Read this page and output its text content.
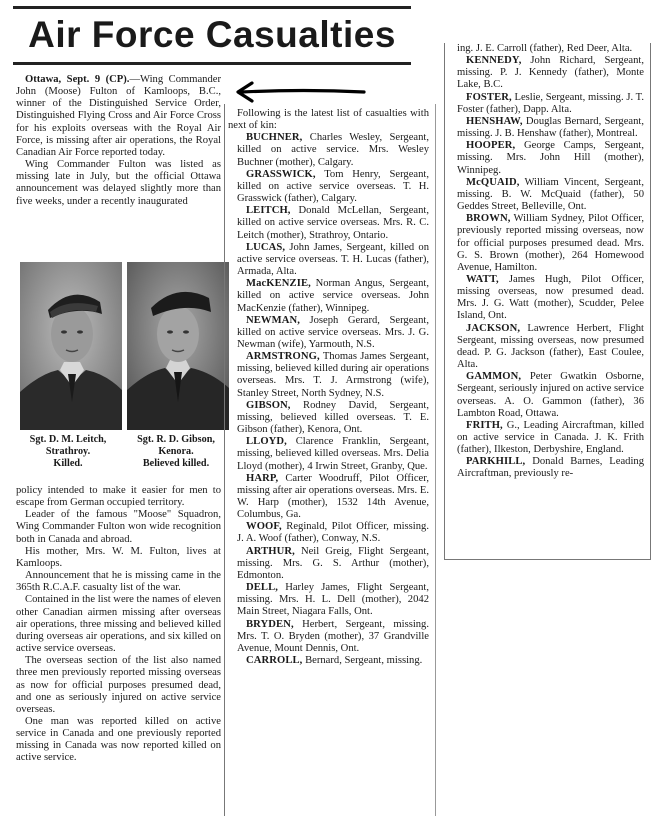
Air Force Casualties

Ottawa, Sept. 9 (CP).—Wing Commander John (Moose) Fulton of Kamloops, B.C., winner of the Distinguished Service Order, Distinguished Flying Cross and Air Force Cross for his exploits overseas with the Royal Air Force, is missing after air operations, the Royal Canadian Air Force reported today.

Wing Commander Fulton was listed as missing late in July, but the official Ottawa announcement was delayed slightly more than five weeks, under a recently inaugurated

Sgt. D. M. Leitch,
Strathroy.
Killed.
Sgt. R. D. Gibson,
Kenora.
Believed killed.

policy intended to make it easier for men to escape from German occupied territory.

Leader of the famous "Moose" Squadron, Wing Commander Fulton won wide recognition both in Canada and abroad.

His mother, Mrs. W. M. Fulton, lives at Kamloops.

Announcement that he is missing came in the 365th R.C.A.F. casualty list of the war.

Contained in the list were the names of eleven other Canadian airmen missing after overseas air operations, three missing and believed killed during overseas air operations, and six killed on active service overseas.

The overseas section of the list also named three men previously reported missing overseas as now for official purposes presumed dead, and one as seriously injured on active service overseas.

One man was reported killed on active service in Canada and one previously reported missing in Canada was now reported killed on active service.

Following is the latest list of casualties with next of kin:

BUCHNER, Charles Wesley, Sergeant, killed on active service. Mrs. Wesley Buchner (mother), Calgary.

GRASSWICK, Tom Henry, Sergeant, killed on active service overseas. T. H. Grasswick (father), Calgary.

LEITCH, Donald McLellan, Sergeant, killed on active service overseas. Mrs. R. C. Leitch (mother), Strathroy, Ontario.

LUCAS, John James, Sergeant, killed on active service overseas. T. H. Lucas (father), Armada, Alta.

MacKENZIE, Norman Angus, Sergeant, killed on active service overseas. John MacKenzie (father), Winnipeg.

NEWMAN, Joseph Gerard, Sergeant, killed on active service overseas. Mrs. J. G. Newman (wife), Yarmouth, N.S.

ARMSTRONG, Thomas James Sergeant, missing, believed killed during air operations overseas. Mrs. T. J. Armstrong (wife), Stanley Street, North Sydney, N.S.

GIBSON, Rodney David, Sergeant, missing, believed killed overseas. T. E. Gibson (father), Kenora, Ont.

LLOYD, Clarence Franklin, Sergeant, missing, believed killed overseas. Mrs. Delia Lloyd (mother), 4 Irwin Street, Granby, Que.

HARP, Carter Woodruff, Pilot Officer, missing after air operations overseas. Mrs. E. W. Harp (mother), 1532 14th Avenue, Columbus, Ga.

WOOF, Reginald, Pilot Officer, missing. J. A. Woof (father), Conway, N.S.

ARTHUR, Neil Greig, Flight Sergeant, missing. Mrs. G. S. Arthur (mother), Edmonton.

DELL, Harley James, Flight Sergeant, missing. Mrs. H. L. Dell (mother), 2042 Main Street, Niagara Falls, Ont.

BRYDEN, Herbert, Sergeant, missing. Mrs. T. O. Bryden (mother), 37 Grandville Avenue, Mount Dennis, Ont.

CARROLL, Bernard, Sergeant, missing.

ing. J. E. Carroll (father), Red Deer, Alta.

KENNEDY, John Richard, Sergeant, missing. P. J. Kennedy (father), Monte Lake, B.C.

FOSTER, Leslie, Sergeant, missing. J. T. Foster (father), Dapp. Alta.

HENSHAW, Douglas Bernard, Sergeant, missing. J. B. Henshaw (father), Montreal.

HOOPER, George Camps, Sergeant, missing. Mrs. John Hill (mother), Winnipeg.

McQUAID, William Vincent, Sergeant, missing. B. W. McQuaid (father), 50 Geddes Street, Belleville, Ont.

BROWN, William Sydney, Pilot Officer, previously reported missing overseas, now for official purposes presumed dead. Mrs. G. S. Brown (mother), 264 Homewood Avenue, Hamilton.

WATT, James Hugh, Pilot Officer, missing overseas, now presumed dead. Mrs. J. G. Watt (mother), Scudder, Pelee Island, Ont.

JACKSON, Lawrence Herbert, Flight Sergeant, missing overseas, now presumed dead. P. G. Jackson (father), East Coulee, Alta.

GAMMON, Peter Gwatkin Osborne, Sergeant, seriously injured on active service overseas. A. O. Gammon (father), 36 Lambton Road, Ottawa.

FRITH, G., Leading Aircraftman, killed on active service in Canada. J. K. Frith (father), Ilkeston, Derbyshire, England.

PARKHILL, Donald Barnes, Leading Aircraftman, previously re-
